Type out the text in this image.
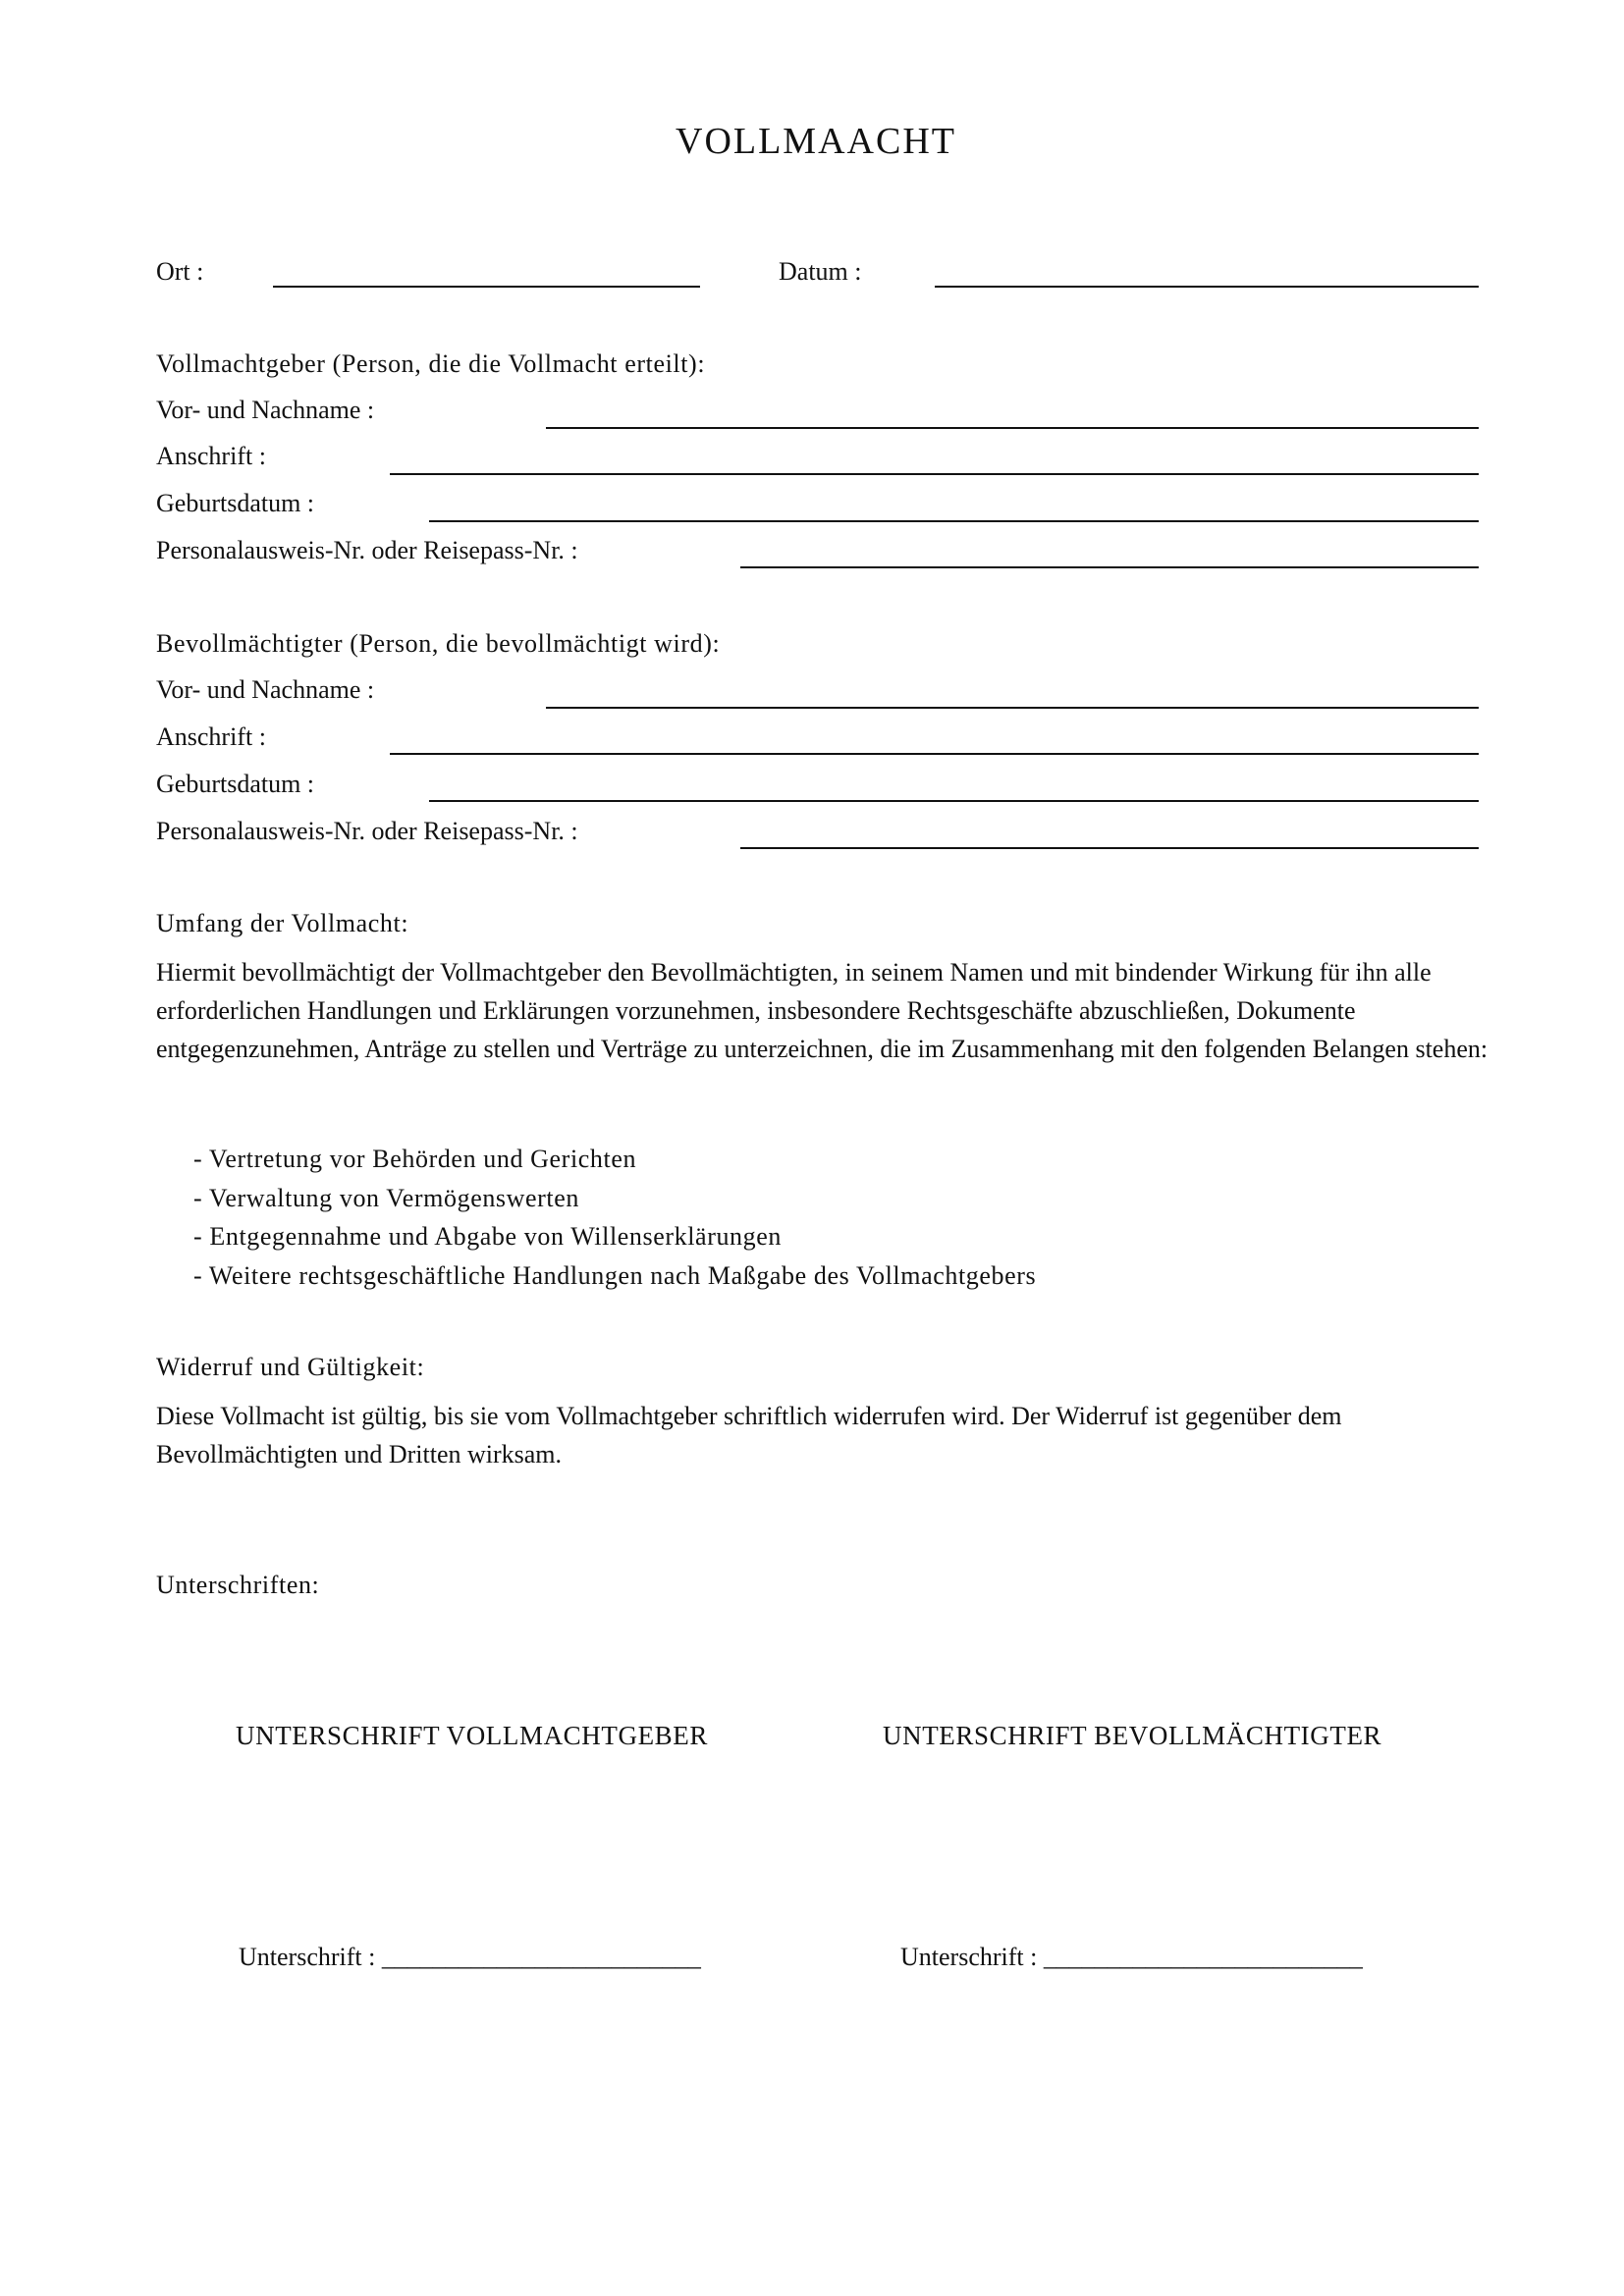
VOLLMAACHT
Ort :	Datum :
Vollmachtgeber (Person, die die Vollmacht erteilt):
Vor- und Nachname :
Anschrift :
Geburtsdatum :
Personalausweis-Nr. oder Reisepass-Nr. :
Bevollmächtigter (Person, die bevollmächtigt wird):
Vor- und Nachname :
Anschrift :
Geburtsdatum :
Personalausweis-Nr. oder Reisepass-Nr. :
Umfang der Vollmacht:
Hiermit bevollmächtigt der Vollmachtgeber den Bevollmächtigten, in seinem Namen und mit bindender Wirkung für ihn alle erforderlichen Handlungen und Erklärungen vorzunehmen, insbesondere Rechtsgeschäfte abzuschließen, Dokumente entgegenzunehmen, Anträge zu stellen und Verträge zu unterzeichnen, die im Zusammenhang mit den folgenden Belangen stehen:
- Vertretung vor Behörden und Gerichten
- Verwaltung von Vermögenswerten
- Entgegennahme und Abgabe von Willenserklärungen
- Weitere rechtsgeschäftliche Handlungen nach Maßgabe des Vollmachtgebers
Widerruf und Gültigkeit:
Diese Vollmacht ist gültig, bis sie vom Vollmachtgeber schriftlich widerrufen wird. Der Widerruf ist gegenüber dem Bevollmächtigten und Dritten wirksam.
Unterschriften:
UNTERSCHRIFT VOLLMACHTGEBER	UNTERSCHRIFT BEVOLLMÄCHTIGTER
Unterschrift : _________________________	Unterschrift : _________________________
